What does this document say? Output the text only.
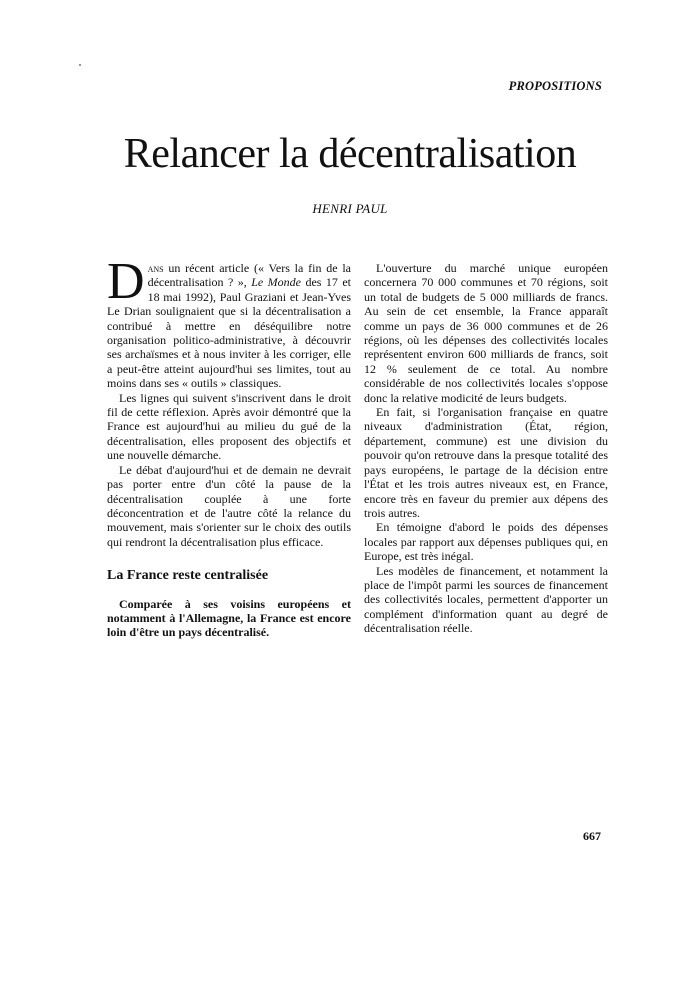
PROPOSITIONS
Relancer la décentralisation
HENRI PAUL

Dans un récent article (« Vers la fin de la décentralisation ? », Le Monde des 17 et 18 mai 1992), Paul Graziani et Jean-Yves Le Drian soulignaient que si la décentralisation a contribué à mettre en déséquilibre notre organisation politico-administrative, à découvrir ses archaïsmes et à nous inviter à les corriger, elle a peut-être atteint aujourd'hui ses limites, tout au moins dans ses « outils » classiques.

Les lignes qui suivent s'inscrivent dans le droit fil de cette réflexion. Après avoir démontré que la France est aujourd'hui au milieu du gué de la décentralisation, elles proposent des objectifs et une nouvelle démarche.

Le débat d'aujourd'hui et de demain ne devrait pas porter entre d'un côté la pause de la décentralisation couplée à une forte déconcentration et de l'autre côté la relance du mouvement, mais s'orienter sur le choix des outils qui rendront la décentralisation plus efficace.

La France reste centralisée

Comparée à ses voisins européens et notamment à l'Allemagne, la France est encore loin d'être un pays décentralisé.

L'ouverture du marché unique européen concernera 70 000 communes et 70 régions, soit un total de budgets de 5 000 milliards de francs. Au sein de cet ensemble, la France apparaît comme un pays de 36 000 communes et de 26 régions, où les dépenses des collectivités locales représentent environ 600 milliards de francs, soit 12 % seulement de ce total. Au nombre considérable de nos collectivités locales s'oppose donc la relative modicité de leurs budgets.

En fait, si l'organisation française en quatre niveaux d'administration (État, région, département, commune) est une division du pouvoir qu'on retrouve dans la presque totalité des pays européens, le partage de la décision entre l'État et les trois autres niveaux est, en France, encore très en faveur du premier aux dépens des trois autres.

En témoigne d'abord le poids des dépenses locales par rapport aux dépenses publiques qui, en Europe, est très inégal.

Les modèles de financement, et notamment la place de l'impôt parmi les sources de financement des collectivités locales, permettent d'apporter un complément d'information quant au degré de décentralisation réelle.

667
